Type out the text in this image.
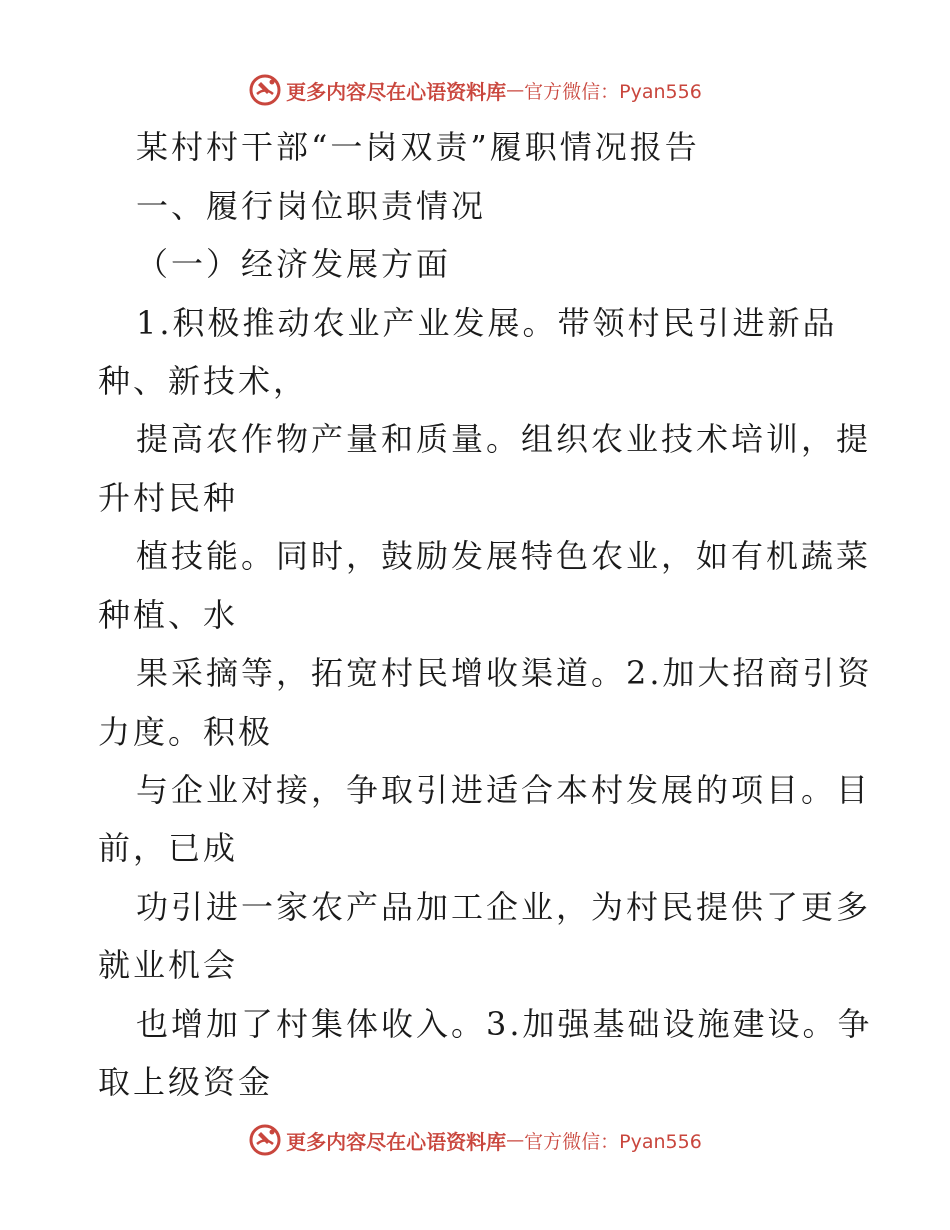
更多内容尽在心语资料库 — 官方微信：Pyan556
某村村干部“一岗双责”履职情况报告
一、履行岗位职责情况
（一）经济发展方面
1.积极推动农业产业发展。带领村民引进新品
种、新技术，
提高农作物产量和质量。组织农业技术培训，提
升村民种
植技能。同时，鼓励发展特色农业，如有机蔬菜
种植、水
果采摘等，拓宽村民增收渠道。2.加大招商引资
力度。积极
与企业对接，争取引进适合本村发展的项目。目
前，已成
功引进一家农产品加工企业，为村民提供了更多
就业机会
也增加了村集体收入。3.加强基础设施建设。争
取上级资金
更多内容尽在心语资料库 — 官方微信：Pyan556
